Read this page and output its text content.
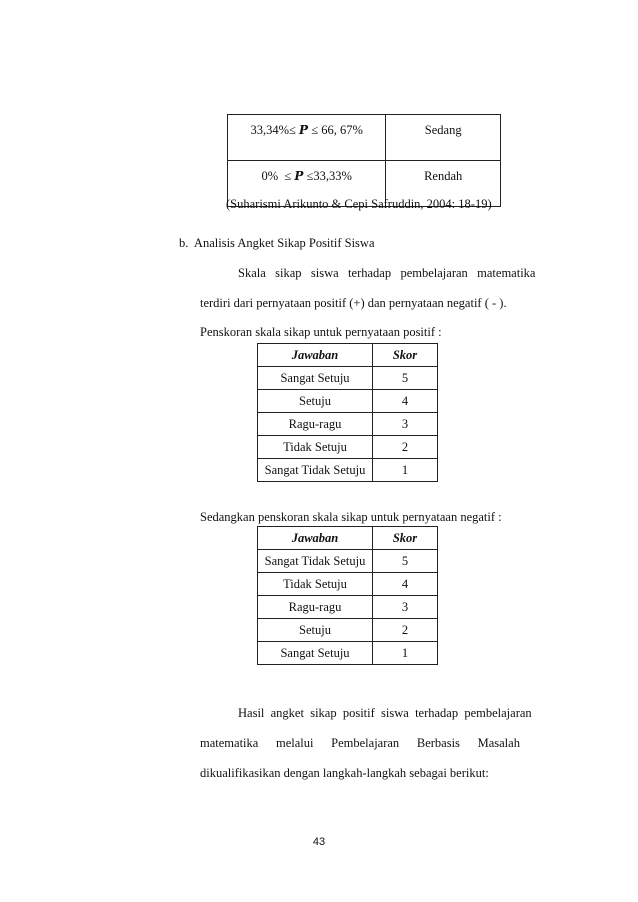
33,34%≤ P ≤ 66, 67%	Sedang
0% ≤ P ≤33,33%	Rendah
(Suharismi Arikunto & Cepi Safruddin, 2004: 18-19)
b.  Analisis Angket Sikap Positif Siswa
Skala   sikap   siswa   terhadap   pembelajaran   matematika
terdiri dari pernyataan positif (+) dan pernyataan negatif ( - ).
Penskoran skala sikap untuk pernyataan positif :
Jawaban	Skor
Sangat Setuju	5
Setuju	4
Ragu-ragu	3
Tidak Setuju	2
Sangat Tidak Setuju	1
Sedangkan penskoran skala sikap untuk pernyataan negatif :
Jawaban	Skor
Sangat Tidak Setuju	5
Tidak Setuju	4
Ragu-ragu	3
Setuju	2
Sangat Setuju	1
Hasil  angket  sikap  positif  siswa  terhadap  pembelajaran
matematika melalui Pembelajaran Berbasis Masalah
dikualifikasikan dengan langkah-langkah sebagai berikut:
43
